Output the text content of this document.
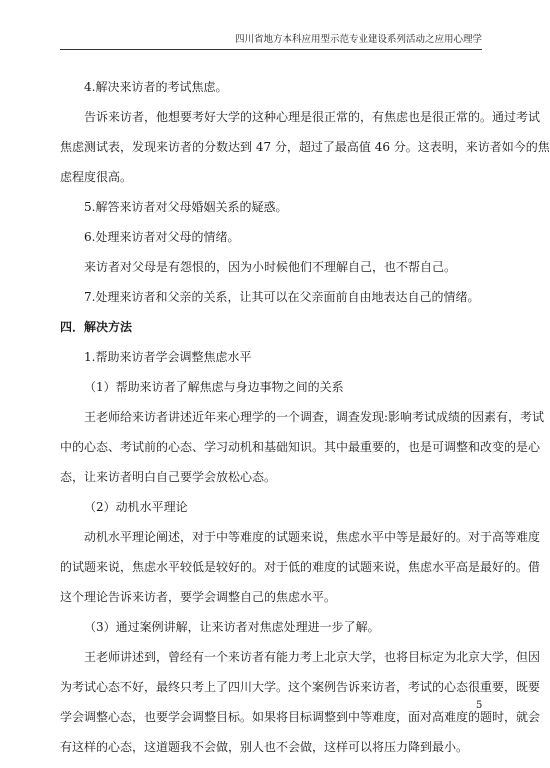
四川省地方本科应用型示范专业建设系列活动之应用心理学
4.解决来访者的考试焦虑。
告诉来访者，他想要考好大学的这种心理是很正常的，有焦虑也是很正常的。通过考试
焦虑测试表，发现来访者的分数达到 47 分，超过了最高值 46 分。这表明，来访者如今的焦
虑程度很高。
5.解答来访者对父母婚姻关系的疑惑。
6.处理来访者对父母的情绪。
来访者对父母是有怨恨的，因为小时候他们不理解自己，也不帮自己。
7.处理来访者和父亲的关系，让其可以在父亲面前自由地表达自己的情绪。
四．解决方法
1.帮助来访者学会调整焦虑水平
（1）帮助来访者了解焦虑与身边事物之间的关系
王老师给来访者讲述近年来心理学的一个调查，调查发现:影响考试成绩的因素有，考试
中的心态、考试前的心态、学习动机和基础知识。其中最重要的，也是可调整和改变的是心
态，让来访者明白自己要学会放松心态。
（2）动机水平理论
动机水平理论阐述，对于中等难度的试题来说，焦虑水平中等是最好的。对于高等难度
的试题来说，焦虑水平较低是较好的。对于低的难度的试题来说，焦虑水平高是最好的。借
这个理论告诉来访者，要学会调整自己的焦虑水平。
（3）通过案例讲解，让来访者对焦虑处理进一步了解。
王老师讲述到，曾经有一个来访者有能力考上北京大学，也将目标定为北京大学，但因
为考试心态不好，最终只考上了四川大学。这个案例告诉来访者，考试的心态很重要，既要
学会调整心态，也要学会调整目标。如果将目标调整到中等难度，面对高难度的题时，就会
有这样的心态，这道题我不会做，别人也不会做，这样可以将压力降到最小。
5
